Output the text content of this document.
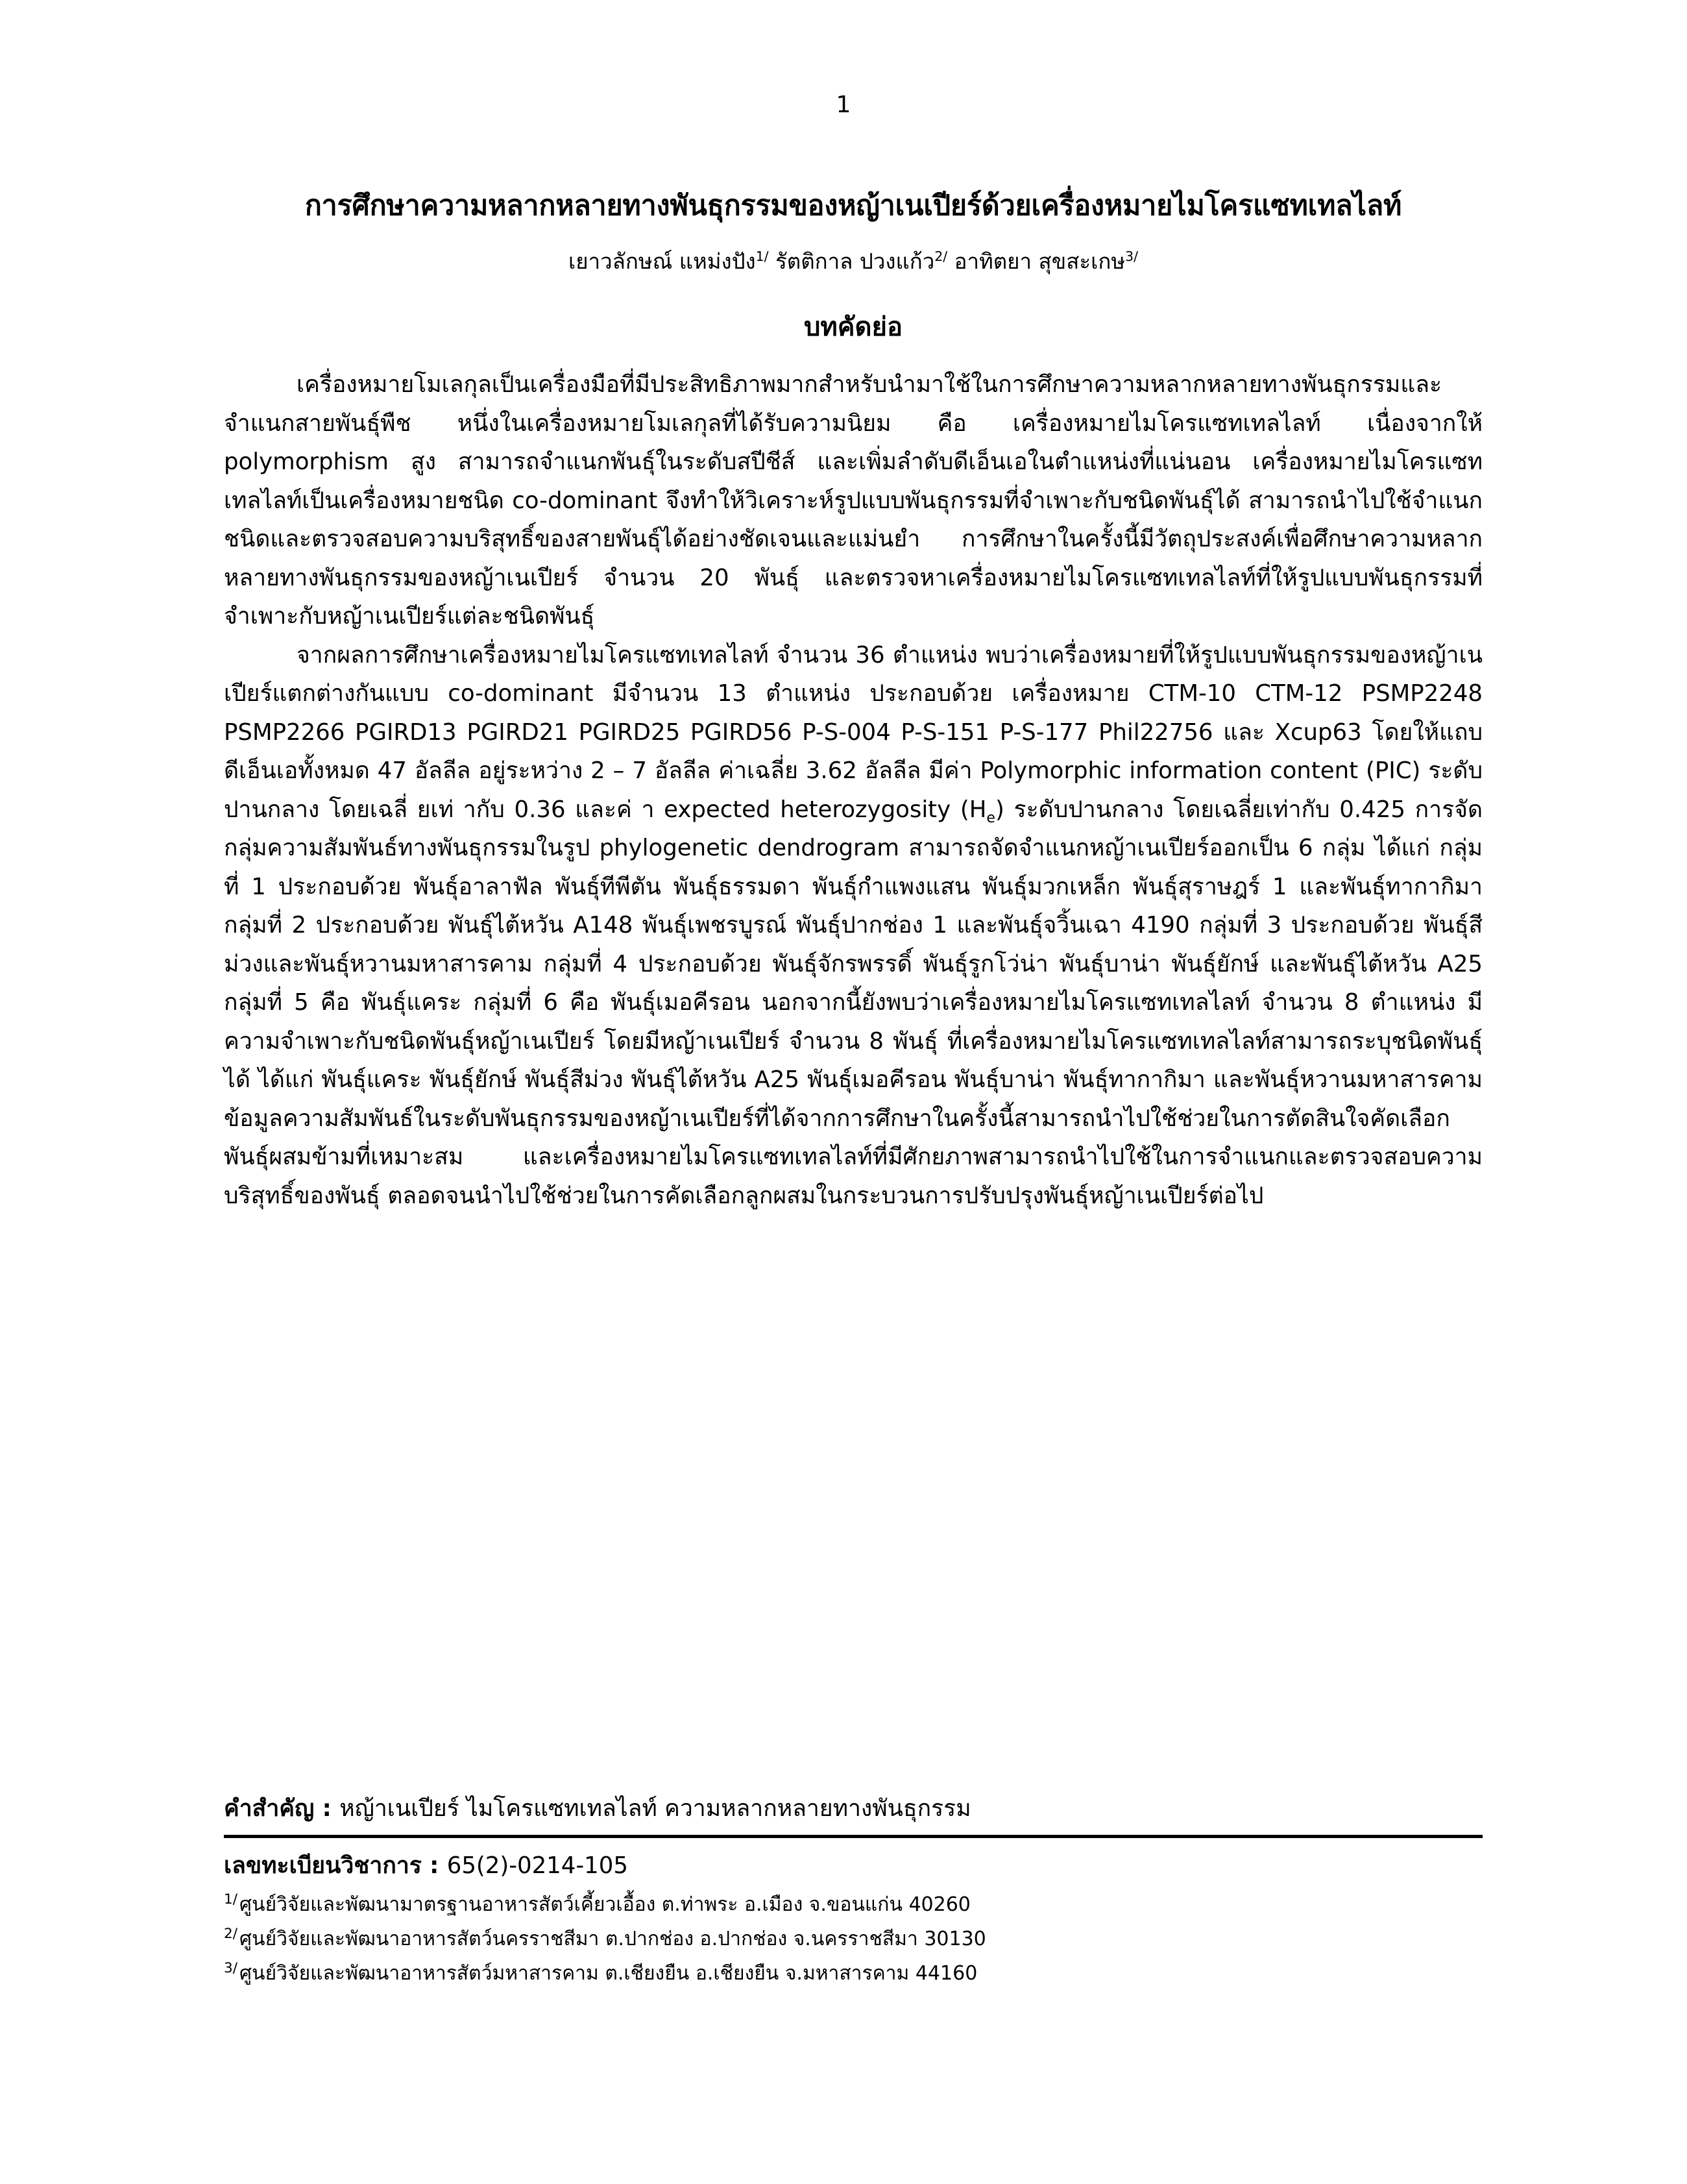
1
การศึกษาความหลากหลายทางพันธุกรรมของหญ้าเนเปียร์ด้วยเครื่องหมายไมโครแซทเทลไลท์
เยาวลักษณ์ แหม่งปัง$^{1/}$ รัตติกาล ปวงแก้ว$^{2/}$ อาทิตยา สุขสะเกษ$^{3/}$
บทคัดย่อ

เครื่องหมายโมเลกุลเป็นเครื่องมือที่มีประสิทธิภาพมากสำหรับนำมาใช้ในการศึกษาความหลากหลายทางพันธุกรรมและจำแนกสายพันธุ์พืช หนึ่งในเครื่องหมายโมเลกุลที่ได้รับความนิยม คือ เครื่องหมายไมโครแซทเทลไลท์ เนื่องจากให้ polymorphism สูง สามารถจำแนกพันธุ์ในระดับสปีชีส์ และเพิ่มลำดับดีเอ็นเอในตำแหน่งที่แน่นอน เครื่องหมายไมโครแซทเทลไลท์เป็นเครื่องหมายชนิด co-dominant จึงทำให้วิเคราะห์รูปแบบพันธุกรรมที่จำเพาะกับชนิดพันธุ์ได้ สามารถนำไปใช้จำแนกชนิดและตรวจสอบความบริสุทธิ์ของสายพันธุ์ได้อย่างชัดเจนและแม่นยำ การศึกษาในครั้งนี้มีวัตถุประสงค์เพื่อศึกษาความหลากหลายทางพันธุกรรมของหญ้าเนเปียร์ จำนวน 20 พันธุ์ และตรวจหาเครื่องหมายไมโครแซทเทลไลท์ที่ให้รูปแบบพันธุกรรมที่จำเพาะกับหญ้าเนเปียร์แต่ละชนิดพันธุ์

จากผลการศึกษาเครื่องหมายไมโครแซทเทลไลท์ จำนวน 36 ตำแหน่ง พบว่าเครื่องหมายที่ให้รูปแบบพันธุกรรมของหญ้าเนเปียร์แตกต่างกันแบบ co-dominant มีจำนวน 13 ตำแหน่ง ประกอบด้วย เครื่องหมาย CTM-10 CTM-12 PSMP2248 PSMP2266 PGIRD13 PGIRD21 PGIRD25 PGIRD56 P-S-004 P-S-151 P-S-177 Phil22756 และ Xcup63 โดยให้แถบดีเอ็นเอทั้งหมด 47 อัลลีล อยู่ระหว่าง 2 – 7 อัลลีล ค่าเฉลี่ย 3.62 อัลลีล มีค่า Polymorphic information content (PIC) ระดับปานกลาง โดยเฉลี่ ยเท่ ากับ 0.36 และค่ า expected heterozygosity $(H_e)$ ระดับปานกลาง โดยเฉลี่ยเท่ากับ 0.425 การจัดกลุ่มความสัมพันธ์ทางพันธุกรรมในรูป phylogenetic dendrogram สามารถจัดจำแนกหญ้าเนเปียร์ออกเป็น 6 กลุ่ม ได้แก่ กลุ่มที่ 1 ประกอบด้วย พันธุ์อาลาฟัล พันธุ์ทีพีตัน พันธุ์ธรรมดา พันธุ์กำแพงแสน พันธุ์มวกเหล็ก พันธุ์สุราษฎร์ 1 และพันธุ์ทากากิมา กลุ่มที่ 2 ประกอบด้วย พันธุ์ไต้หวัน A148 พันธุ์เพชรบูรณ์ พันธุ์ปากช่อง 1 และพันธุ์จวิ้นเฉา 4190 กลุ่มที่ 3 ประกอบด้วย พันธุ์สีม่วงและพันธุ์หวานมหาสารคาม กลุ่มที่ 4 ประกอบด้วย พันธุ์จักรพรรดิ์ พันธุ์รูกโว่น่า พันธุ์บาน่า พันธุ์ยักษ์ และพันธุ์ไต้หวัน A25 กลุ่มที่ 5 คือ พันธุ์แคระ กลุ่มที่ 6 คือ พันธุ์เมอคีรอน นอกจากนี้ยังพบว่าเครื่องหมายไมโครแซทเทลไลท์ จำนวน 8 ตำแหน่ง มีความจำเพาะกับชนิดพันธุ์หญ้าเนเปียร์ โดยมีหญ้าเนเปียร์ จำนวน 8 พันธุ์ ที่เครื่องหมายไมโครแซทเทลไลท์สามารถระบุชนิดพันธุ์ได้ ได้แก่ พันธุ์แคระ พันธุ์ยักษ์ พันธุ์สีม่วง พันธุ์ไต้หวัน A25 พันธุ์เมอคีรอน พันธุ์บาน่า พันธุ์ทากากิมา และพันธุ์หวานมหาสารคาม ข้อมูลความสัมพันธ์ในระดับพันธุกรรมของหญ้าเนเปียร์ที่ได้จากการศึกษาในครั้งนี้สามารถนำไปใช้ช่วยในการตัดสินใจคัดเลือกพันธุ์ผสมข้ามที่เหมาะสม และเครื่องหมายไมโครแซทเทลไลท์ที่มีศักยภาพสามารถนำไปใช้ในการจำแนกและตรวจสอบความบริสุทธิ์ของพันธุ์ ตลอดจนนำไปใช้ช่วยในการคัดเลือกลูกผสมในกระบวนการปรับปรุงพันธุ์หญ้าเนเปียร์ต่อไป

คำสำคัญ : หญ้าเนเปียร์ ไมโครแซทเทลไลท์ ความหลากหลายทางพันธุกรรม
เลขทะเบียนวิชาการ : 65(2)-0214-105
$^{1/}$ ศูนย์วิจัยและพัฒนามาตรฐานอาหารสัตว์เคี้ยวเอื้อง ต.ท่าพระ อ.เมือง จ.ขอนแก่น 40260
$^{2/}$ ศูนย์วิจัยและพัฒนาอาหารสัตว์นครราชสีมา ต.ปากช่อง อ.ปากช่อง จ.นครราชสีมา 30130
$^{3/}$ ศูนย์วิจัยและพัฒนาอาหารสัตว์มหาสารคาม ต.เชียงยืน อ.เชียงยืน จ.มหาสารคาม 44160
